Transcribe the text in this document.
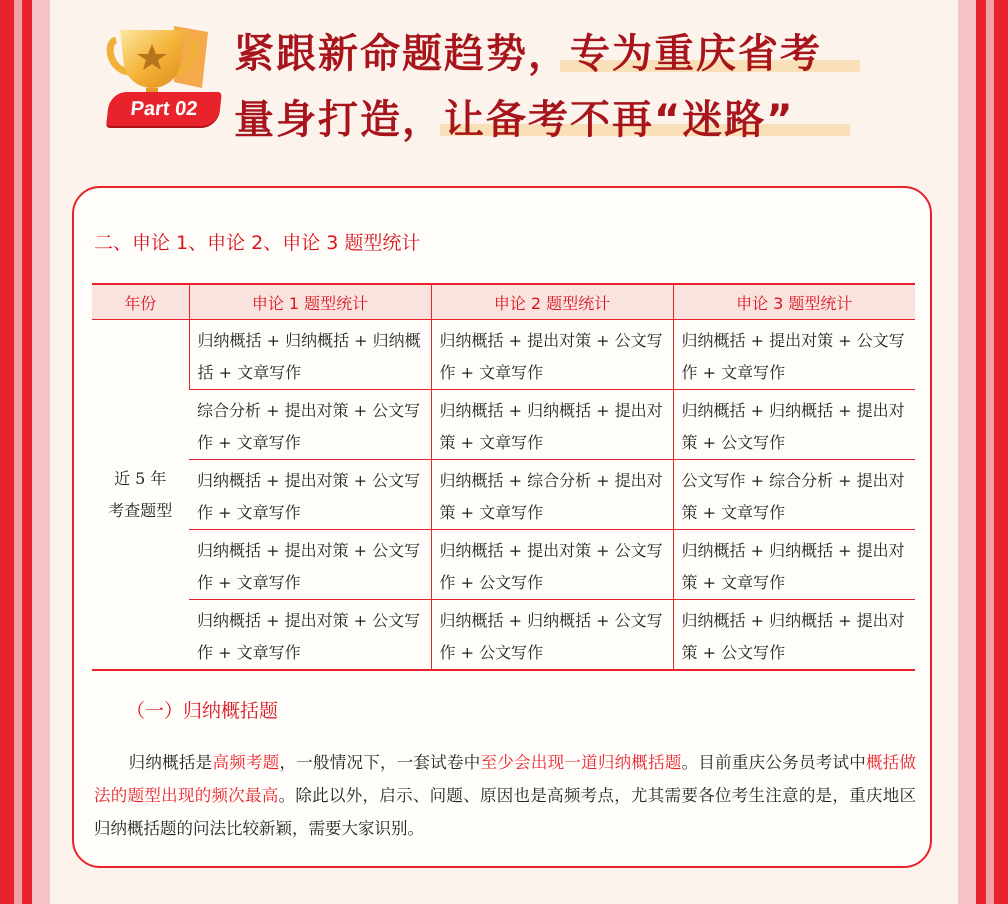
Part 02
紧跟新命题趋势，专为重庆省考
量身打造，让备考不再“迷路”
二、申论 1、申论 2、申论 3 题型统计
年份	申论 1 题型统计	申论 2 题型统计	申论 3 题型统计

近 5 年
考查题型	归纳概括 + 归纳概括 + 归纳概括 + 文章写作	归纳概括 + 提出对策 + 公文写作 + 文章写作	归纳概括 + 提出对策 + 公文写作 + 文章写作
	综合分析 + 提出对策 + 公文写作 + 文章写作	归纳概括 + 归纳概括 + 提出对策 + 文章写作	归纳概括 + 归纳概括 + 提出对策 + 公文写作
	归纳概括 + 提出对策 + 公文写作 + 文章写作	归纳概括 + 综合分析 + 提出对策 + 文章写作	公文写作 + 综合分析 + 提出对策 + 文章写作
	归纳概括 + 提出对策 + 公文写作 + 文章写作	归纳概括 + 提出对策 + 公文写作 + 公文写作	归纳概括 + 归纳概括 + 提出对策 + 文章写作
	归纳概括 + 提出对策 + 公文写作 + 文章写作	归纳概括 + 归纳概括 + 公文写作 + 公文写作	归纳概括 + 归纳概括 + 提出对策 + 公文写作
（一）归纳概括题
归纳概括是高频考题，一般情况下，一套试卷中至少会出现一道归纳概括题。目前重庆公务员考试中概括做法的题型出现的频次最高。除此以外，启示、问题、原因也是高频考点，尤其需要各位考生注意的是，重庆地区归纳概括题的问法比较新颖，需要大家识别。
